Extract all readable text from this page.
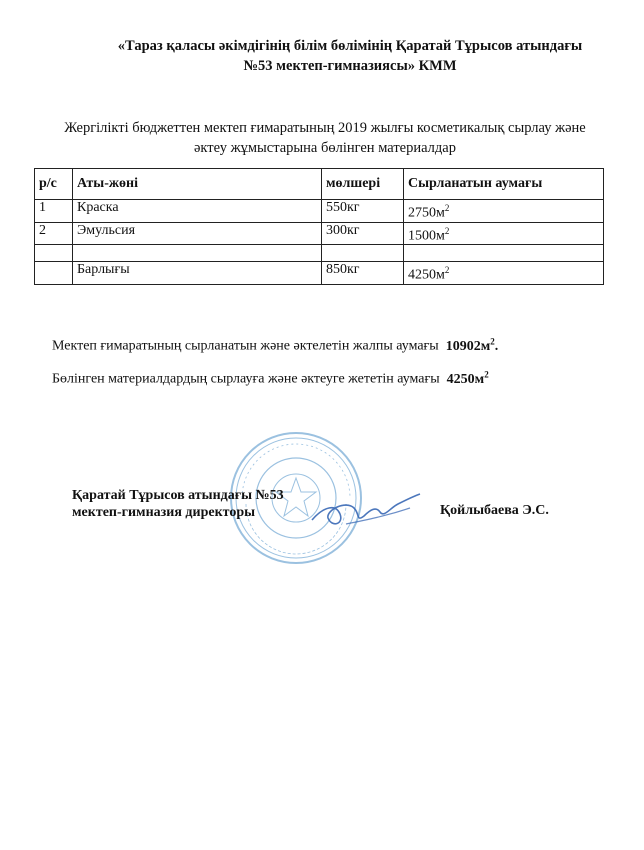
«Тараз қаласы әкімдігінің білім бөлімінің Қаратай Тұрысов атындағы
№53 мектеп-гимназиясы» КММ
Жергілікті бюджеттен мектеп ғимаратының 2019 жылғы косметикалық сырлау және
әктеу жұмыстарына бөлінген материалдар
р/с	Аты-жөні	мөлшері	Сырланатын аумағы
1	Краска	550кг	$2750м^2$
2	Эмульсия	300кг	$1500м^2$

	Барлығы	850кг	$4250м^2$
Мектеп ғимаратының сырланатын және әктелетін жалпы аумағы $10902м^2$.
Бөлінген материалдардың сырлауға және әктеуге жететін аумағы $4250м^2$
Қаратай Тұрысов атындағы №53
мектеп-гимназия директоры	Қойлыбаева Э.С.
